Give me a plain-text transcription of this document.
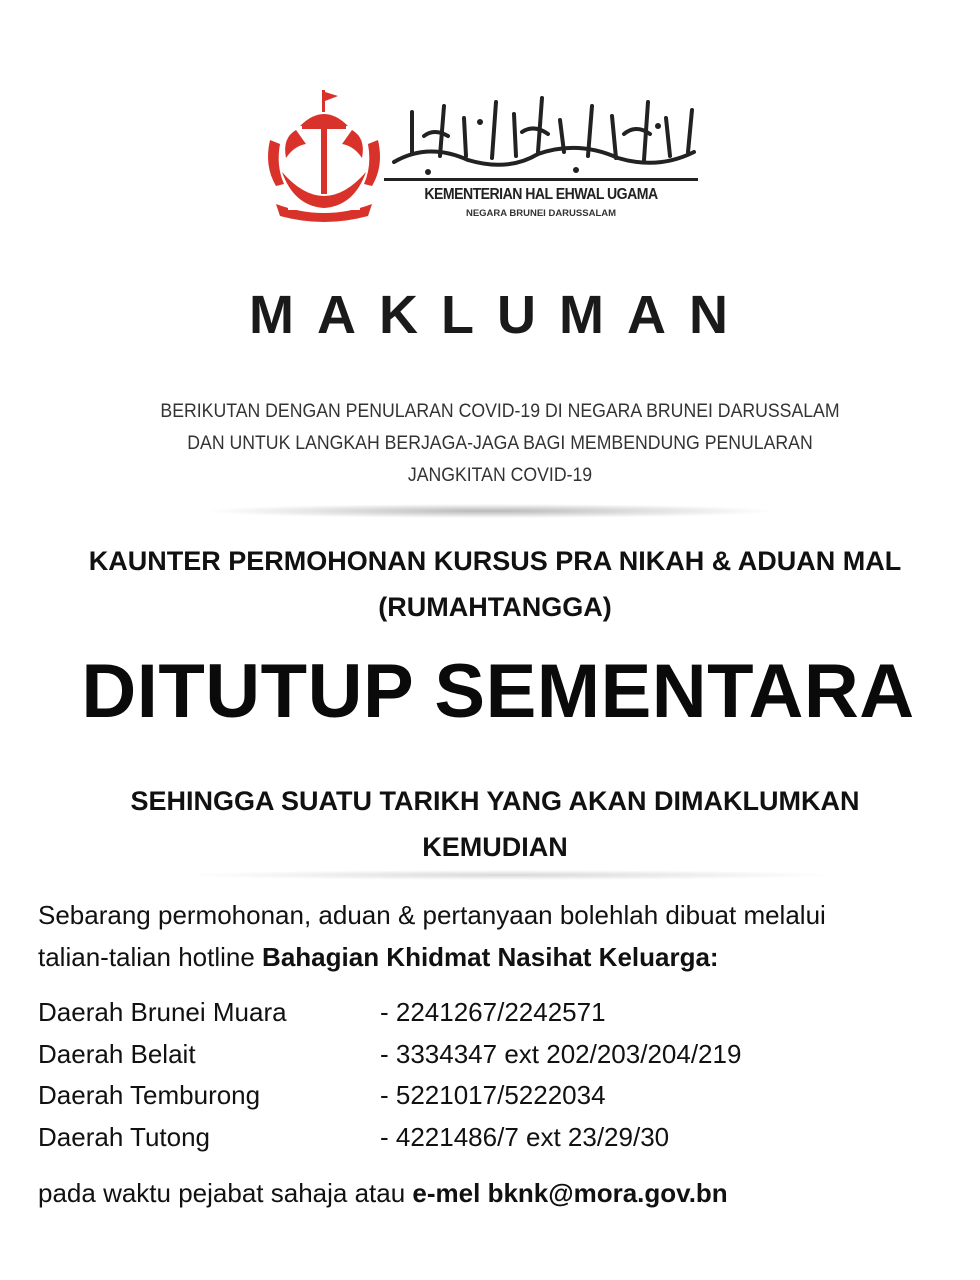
KEMENTERIAN HAL EHWAL UGAMA
NEGARA BRUNEI DARUSSALAM
MAKLUMAN
BERIKUTAN DENGAN PENULARAN COVID-19 DI NEGARA BRUNEI DARUSSALAM
DAN UNTUK LANGKAH BERJAGA-JAGA BAGI MEMBENDUNG PENULARAN
JANGKITAN COVID-19
KAUNTER PERMOHONAN KURSUS PRA NIKAH & ADUAN MAL
(RUMAHTANGGA)
DITUTUP SEMENTARA
SEHINGGA SUATU TARIKH YANG AKAN DIMAKLUMKAN
KEMUDIAN
Sebarang permohonan, aduan & pertanyaan bolehlah dibuat melalui
talian-talian hotline Bahagian Khidmat Nasihat Keluarga:
Daerah Brunei Muara	- 2241267/2242571
Daerah Belait	- 3334347 ext 202/203/204/219
Daerah Temburong	- 5221017/5222034
Daerah Tutong	- 4221486/7 ext 23/29/30
pada waktu pejabat sahaja atau e-mel bknk@mora.gov.bn
